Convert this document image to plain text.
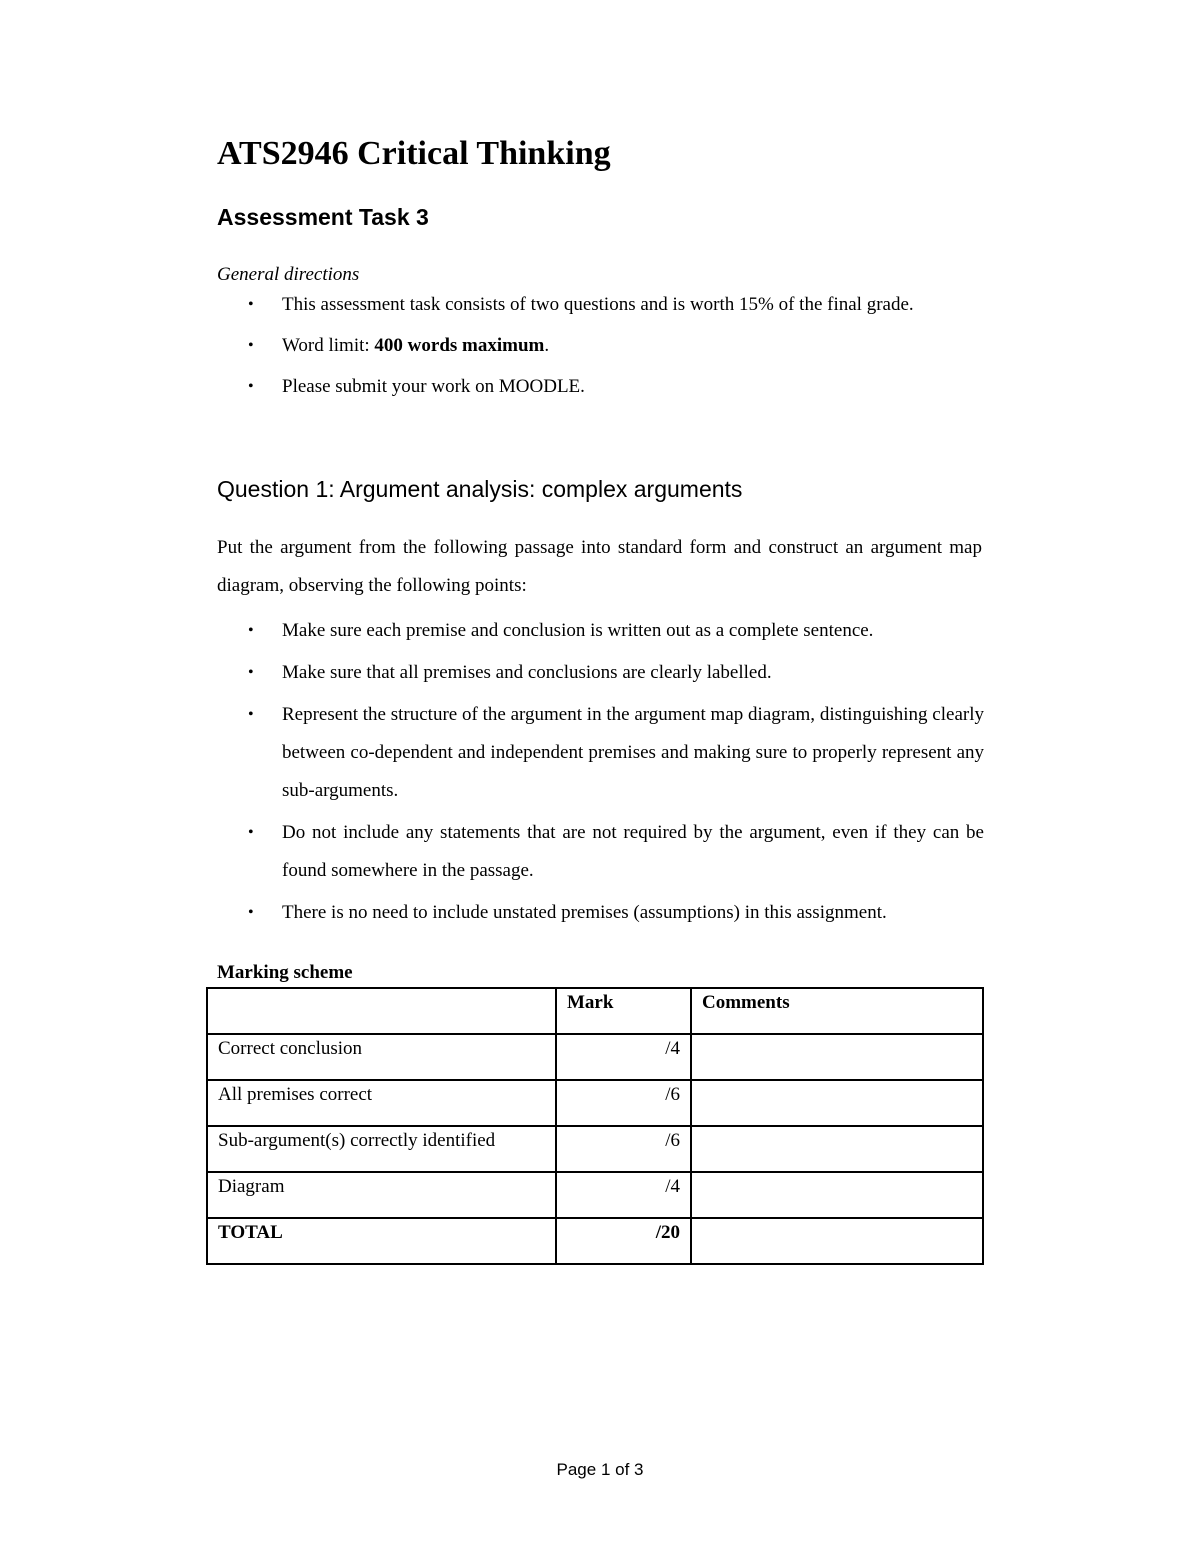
ATS2946 Critical Thinking
Assessment Task 3
General directions
• This assessment task consists of two questions and is worth 15% of the final grade.
• Word limit: 400 words maximum.
• Please submit your work on MOODLE.
Question 1: Argument analysis: complex arguments

Put the argument from the following passage into standard form and construct an argument map diagram, observing the following points:

• Make sure each premise and conclusion is written out as a complete sentence.
• Make sure that all premises and conclusions are clearly labelled.
• Represent the structure of the argument in the argument map diagram, distinguishing clearly between co-dependent and independent premises and making sure to properly represent any sub-arguments.
• Do not include any statements that are not required by the argument, even if they can be found somewhere in the passage.
• There is no need to include unstated premises (assumptions) in this assignment.
Marking scheme
	Mark	Comments
Correct conclusion	/4	
All premises correct	/6	
Sub-argument(s) correctly identified	/6	
Diagram	/4	
TOTAL	/20	
Page 1 of 3
